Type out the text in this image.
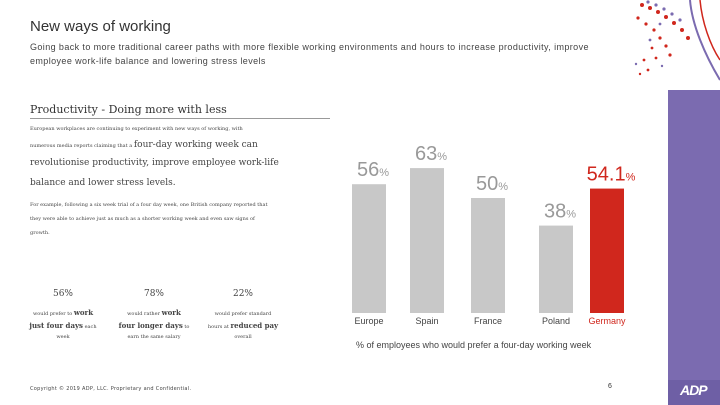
New ways of working
Going back to more traditional career paths with more flexible working environments and hours to increase productivity, improve employee work-life balance and lowering stress levels
ADP
Productivity - Doing more with less
European workplaces are continuing to experiment with new ways of working, with
numerous media reports claiming that a four-day working week can
revolutionise productivity, improve employee work-life
balance and lower stress levels.
For example, following a six week trial of a four day week, one British company reported that
they were able to achieve just as much as a shorter working week and even saw signs of
growth.
56%
would prefer to work
just four days each
week
78%
would rather work
four longer days to
earn the same salary
22%
would prefer standard
hours at reduced pay
overall
56%
Europe
63%
Spain
50%
France
38%
Poland
54.1%
Germany
% of employees who would prefer a four-day working week
Copyright © 2019 ADP, LLC. Proprietary and Confidential.	6
